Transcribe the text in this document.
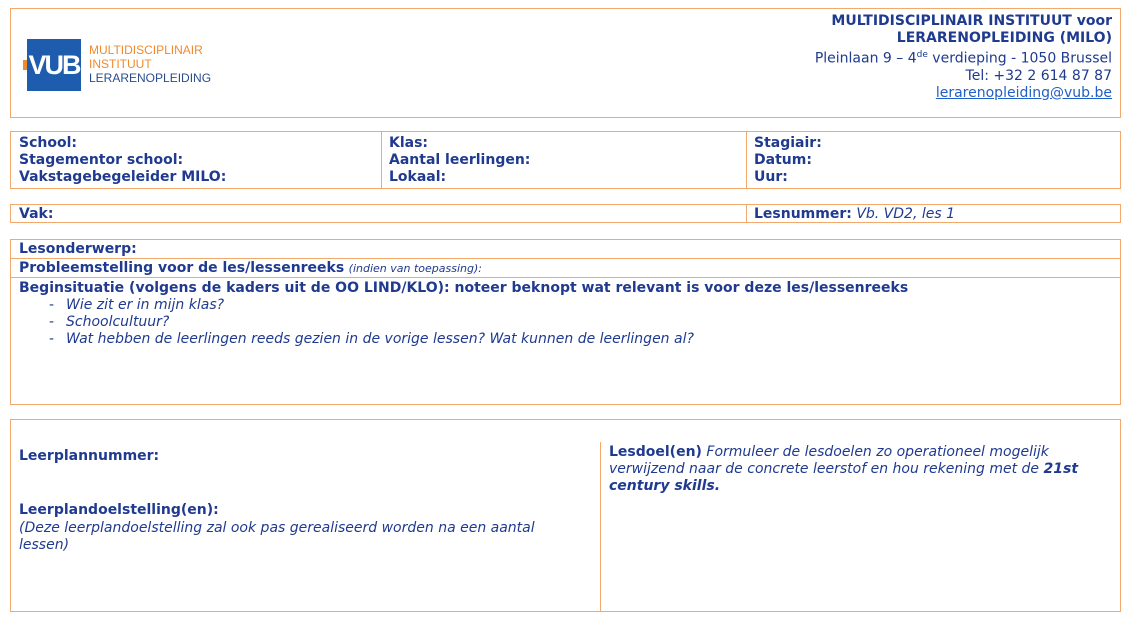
VUB MULTIDISCIPLINAIR
INSTITUUT
LERARENOPLEIDING
MULTIDISCIPLINAIR INSTITUUT voor
LERARENOPLEIDING (MILO)
Pleinlaan 9 – 4de verdieping - 1050 Brussel
Tel: +32 2 614 87 87
lerarenopleiding@vub.be
School:
Stagementor school:
Vakstagebegeleider MILO:
Klas:
Aantal leerlingen:
Lokaal:
Stagiair:
Datum:
Uur:
Vak:	Lesnummer: Vb. VD2, les 1
Lesonderwerp:
Probleemstelling voor de les/lessenreeks (indien van toepassing):
Beginsituatie (volgens de kaders uit de OO LIND/KLO): noteer beknopt wat relevant is voor deze les/lessenreeks
- Wie zit er in mijn klas?
- Schoolcultuur?
- Wat hebben de leerlingen reeds gezien in de vorige lessen? Wat kunnen de leerlingen al?
Leerplannummer:
Leerplandoelstelling(en):
(Deze leerplandoelstelling zal ook pas gerealiseerd worden na een aantal lessen)
Lesdoel(en) Formuleer de lesdoelen zo operationeel mogelijk verwijzend naar de concrete leerstof en hou rekening met de 21st century skills.
